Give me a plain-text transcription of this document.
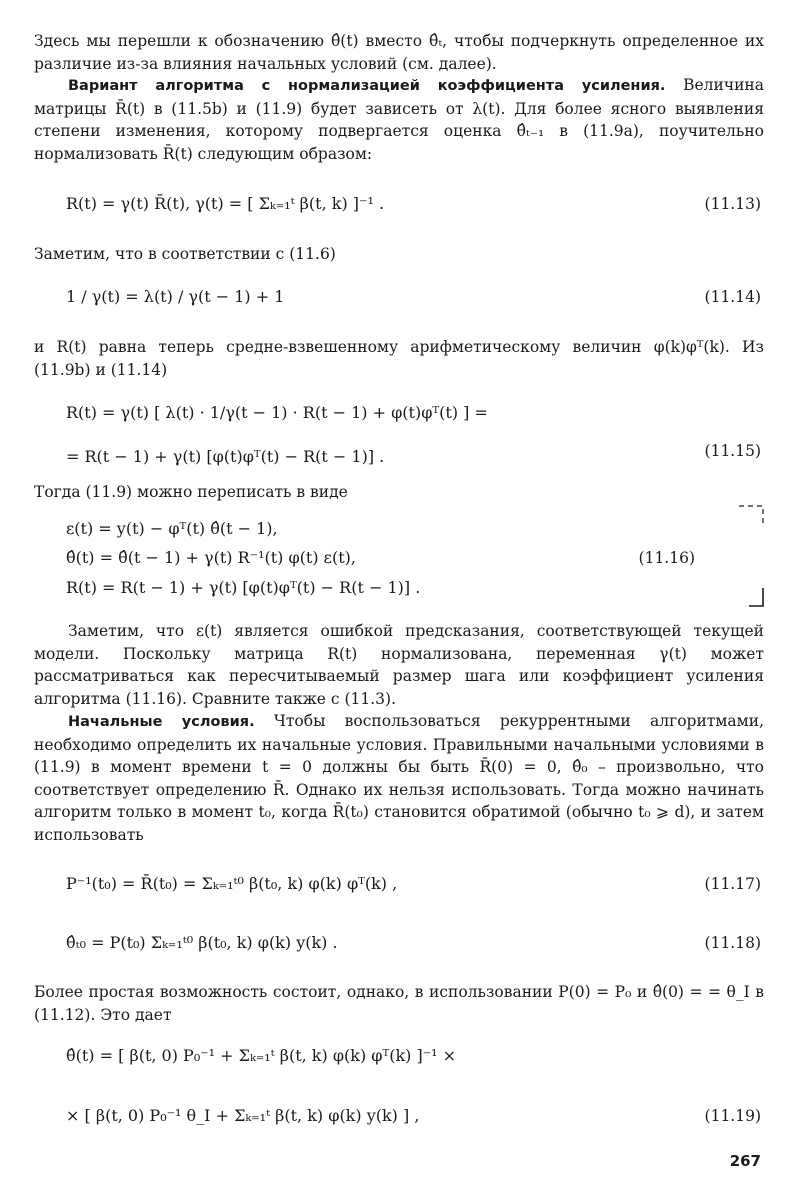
Здесь мы перешли к обозначению θ̂(t) вместо θ̂ₜ, чтобы подчеркнуть определенное их различие из-за влияния начальных условий (см. далее).
Вариант алгоритма с нормализацией коэффициента усиления. Величина матрицы R̄(t) в (11.5b) и (11.9) будет зависеть от λ(t). Для более ясного выявления степени изменения, которому подвергается оценка θ̂ₜ₋₁ в (11.9a), поучительно нормализовать R̄(t) следующим образом:
R(t) = γ(t) R̄(t), γ(t) = [ Σₖ₌₁ᵗ β(t, k) ]⁻¹ .	(11.13)
Заметим, что в соответствии с (11.6)
1 / γ(t) = λ(t) / γ(t − 1) + 1	(11.14)
и R(t) равна теперь средне-взвешенному арифметическому величин φ(k)φᵀ(k). Из (11.9b) и (11.14)
R(t) = γ(t) [ λ(t) · 1/γ(t − 1) · R(t − 1) + φ(t)φᵀ(t) ] =
= R(t − 1) + γ(t) [φ(t)φᵀ(t) − R(t − 1)] .	(11.15)
Тогда (11.9) можно переписать в виде
ε(t) = y(t) − φᵀ(t) θ̂(t − 1),
θ̂(t) = θ̂(t − 1) + γ(t) R⁻¹(t) φ(t) ε(t),
R(t) = R(t − 1) + γ(t) [φ(t)φᵀ(t) − R(t − 1)] .
(11.16)
Заметим, что ε(t) является ошибкой предсказания, соответствующей текущей модели. Поскольку матрица R(t) нормализована, переменная γ(t) может рассматриваться как пересчитываемый размер шага или коэффициент усиления алгоритма (11.16). Сравните также с (11.3).
Начальные условия. Чтобы воспользоваться рекуррентными алгоритмами, необходимо определить их начальные условия. Правильными начальными условиями в (11.9) в момент времени t = 0 должны бы быть R̄(0) = 0, θ̂₀ – произвольно, что соответствует определению R̄. Однако их нельзя использовать. Тогда можно начинать алгоритм только в момент t₀, когда R̄(t₀) становится обратимой (обычно t₀ ⩾ d), и затем использовать
P⁻¹(t₀) = R̄(t₀) = Σₖ₌₁ᵗ⁰ β(t₀, k) φ(k) φᵀ(k) ,	(11.17)
θ̂ₜ₀ = P(t₀) Σₖ₌₁ᵗ⁰ β(t₀, k) φ(k) y(k) .	(11.18)
Более простая возможность состоит, однако, в использовании P(0) = P₀ и θ̂(0) = = θ_I в (11.12). Это дает
θ̂(t) = [ β(t, 0) P₀⁻¹ + Σₖ₌₁ᵗ β(t, k) φ(k) φᵀ(k) ]⁻¹ ×
× [ β(t, 0) P₀⁻¹ θ_I + Σₖ₌₁ᵗ β(t, k) φ(k) y(k) ] ,	(11.19)
267
